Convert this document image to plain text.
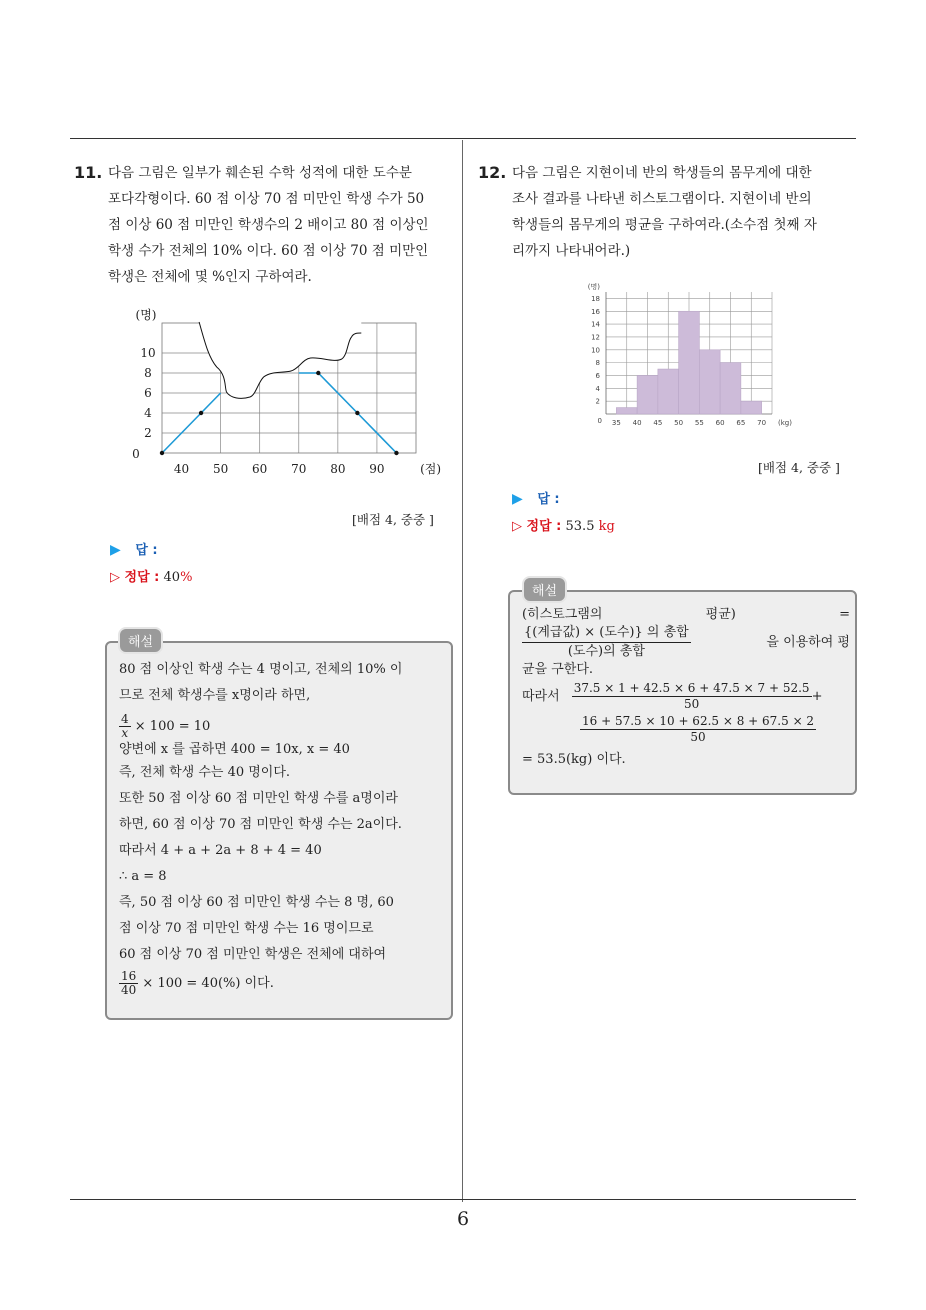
6
11. 다음 그림은 일부가 훼손된 수학 성적에 대한 도수분
포다각형이다. 60 점 이상 70 점 미만인 학생 수가 50
점 이상 60 점 미만인 학생수의 2 배이고 80 점 이상인
학생 수가 전체의 10% 이다. 60 점 이상 70 점 미만인
학생은 전체에 몇 %인지 구하여라.
0
2
4
6
8
10
40 50 60 70 80 90
(명)
(점)
[배점 4, 중중 ]
▶ 답 :
▷ 정답 : 40%
80 점 이상인 학생 수는 4 명이고, 전체의 10% 이
므로 전체 학생수를 x명이라 하면,
$\frac{4}{x} \times 100 = 10$
양변에 x 를 곱하면 400 = 10x, x = 40
즉, 전체 학생 수는 40 명이다.
또한 50 점 이상 60 점 미만인 학생 수를 a명이라
하면, 60 점 이상 70 점 미만인 학생 수는 2a이다.
따라서 4 + a + 2a + 8 + 4 = 40
∴ a = 8
즉, 50 점 이상 60 점 미만인 학생 수는 8 명, 60
점 이상 70 점 미만인 학생 수는 16 명이므로
60 점 이상 70 점 미만인 학생은 전체에 대하여
$\frac{16}{40} \times 100 = 40(\%)$ 이다.
해설
12. 다음 그림은 지현이네 반의 학생들의 몸무게에 대한
조사 결과를 나타낸 히스토그램이다. 지현이네 반의
학생들의 몸무게의 평균을 구하여라.(소수점 첫째 자
리까지 나타내어라.)
0
2
4
6
8
10
12
14
16
18
35 40 45 50 55 60 65 70
(명)
(kg)
[배점 4, 중중 ]
▶ 답 :
▷ 정답 : 53.5 kg
(히스토그램의	평균)	=
$\frac{\text{\{(계급값) × (도수)\} 의 총합}}{\text{(도수)의 총합}}$	을 이용하여 평
균을 구한다.
따라서 $\frac{37.5 \times 1 + 42.5 \times 6 + 47.5 \times 7 + 52.5}{50}$ +
$\frac{16 + 57.5 \times 10 + 62.5 \times 8 + 67.5 \times 2}{50}$
= 53.5(kg) 이다.
해설
